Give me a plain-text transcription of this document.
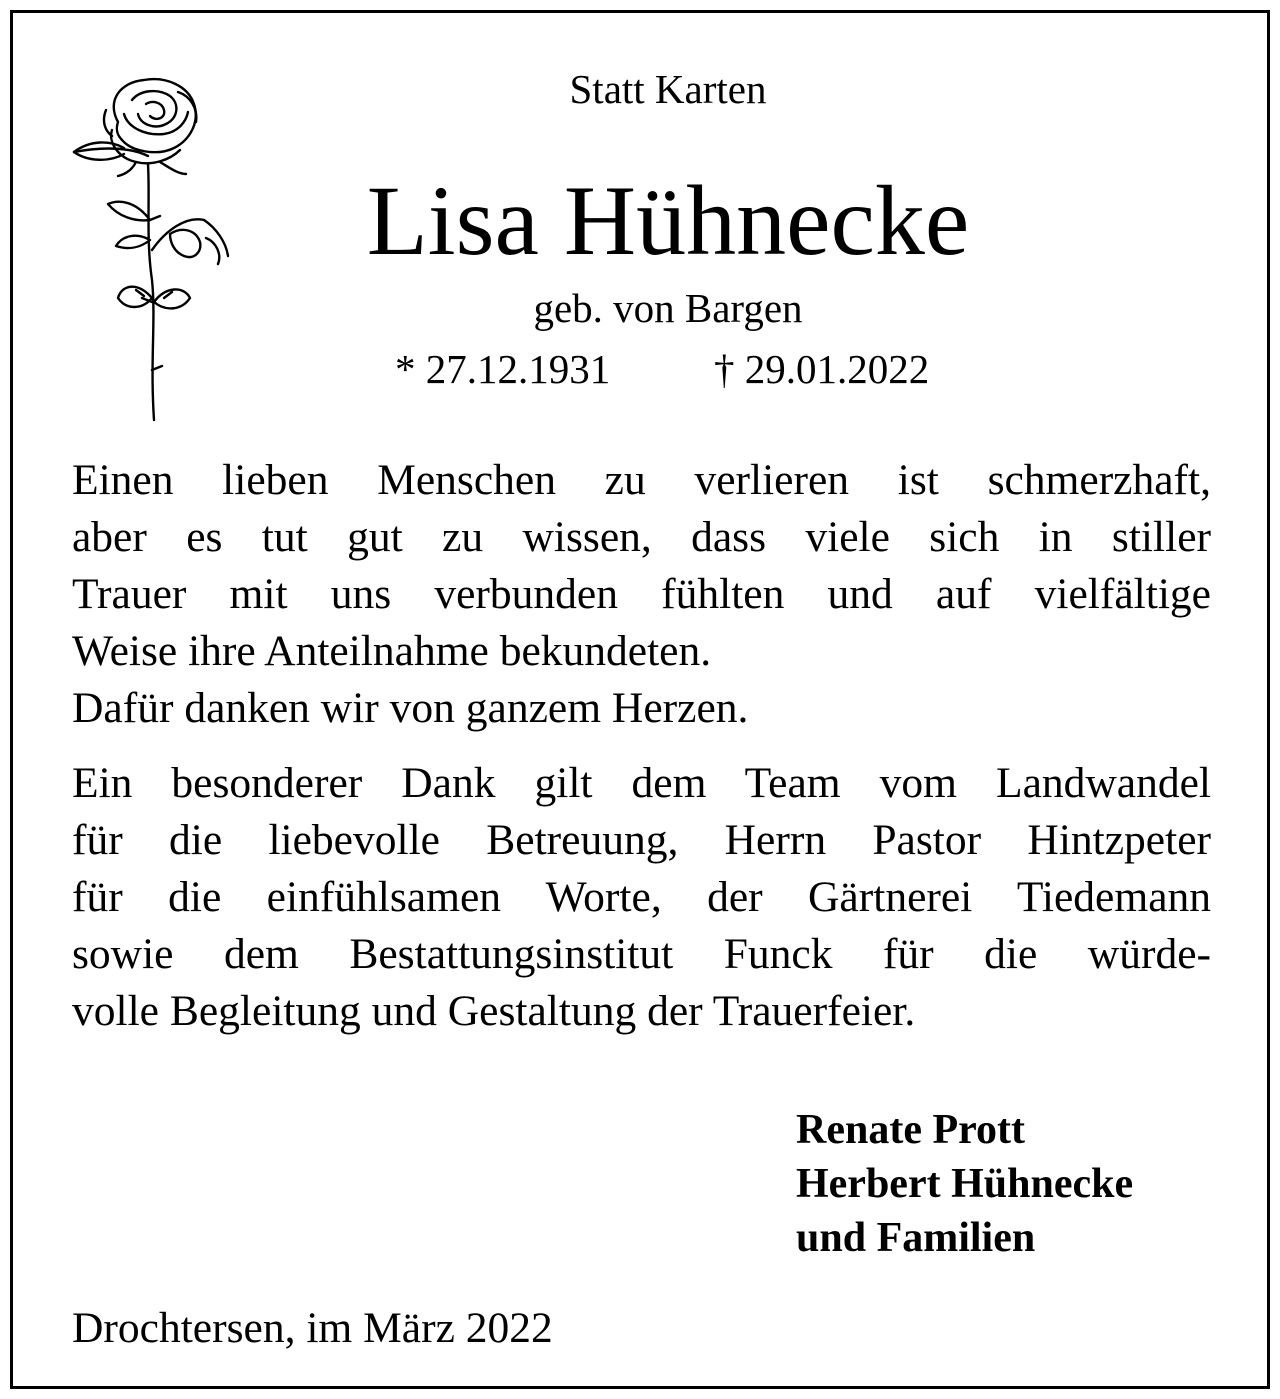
Statt Karten
Lisa Hühnecke
geb. von Bargen
* 27.12.1931	† 29.01.2022
Einen lieben Menschen zu verlieren ist schmerzhaft,
aber es tut gut zu wissen, dass viele sich in stiller
Trauer mit uns verbunden fühlten und auf vielfältige
Weise ihre Anteilnahme bekundeten.
Dafür danken wir von ganzem Herzen.
Ein besonderer Dank gilt dem Team vom Landwandel
für die liebevolle Betreuung, Herrn Pastor Hintzpeter
für die einfühlsamen Worte, der Gärtnerei Tiedemann
sowie dem Bestattungsinstitut Funck für die würde-
volle Begleitung und Gestaltung der Trauerfeier.
Renate Prott
Herbert Hühnecke
und Familien
Drochtersen, im März 2022
